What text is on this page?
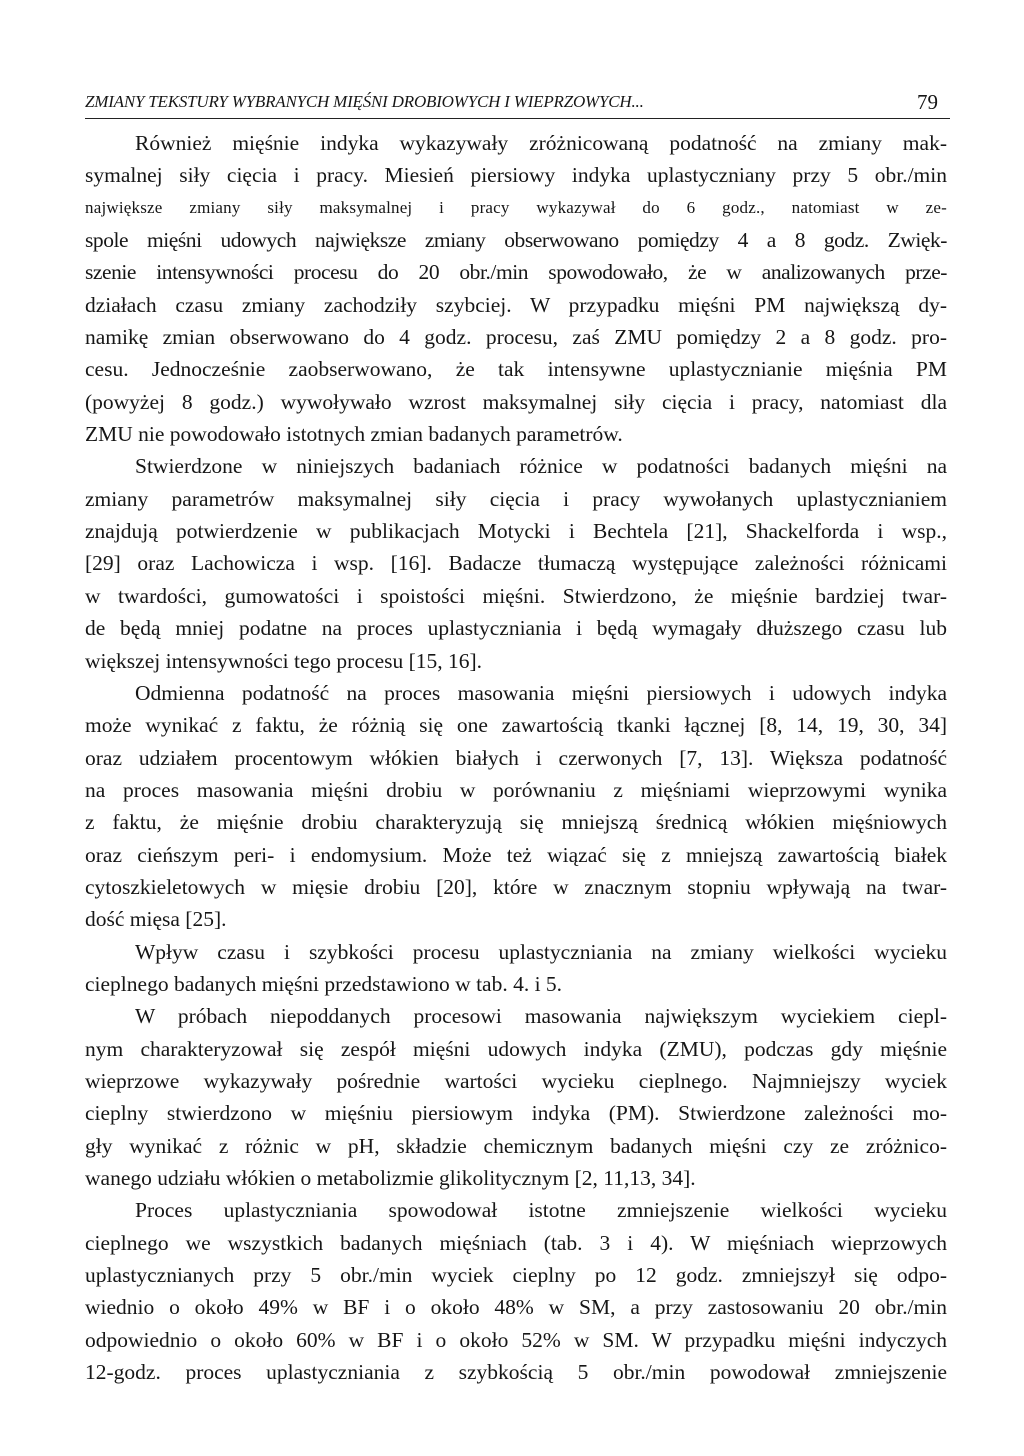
ZMIANY TEKSTURY WYBRANYCH MIĘŚNI DROBIOWYCH I WIEPRZOWYCH...	79
Również mięśnie indyka wykazywały zróżnicowaną podatność na zmiany mak-
symalnej siły cięcia i pracy. Miesień piersiowy indyka uplastyczniany przy 5 obr./min
największe zmiany siły maksymalnej i pracy wykazywał do 6 godz., natomiast w ze-
spole mięśni udowych największe zmiany obserwowano pomiędzy 4 a 8 godz. Zwięk-
szenie intensywności procesu do 20 obr./min spowodowało, że w analizowanych prze-
działach czasu zmiany zachodziły szybciej. W przypadku mięśni PM największą dy-
namikę zmian obserwowano do 4 godz. procesu, zaś ZMU pomiędzy 2 a 8 godz. pro-
cesu. Jednocześnie zaobserwowano, że tak intensywne uplastycznianie mięśnia PM
(powyżej 8 godz.) wywoływało wzrost maksymalnej siły cięcia i pracy, natomiast dla
ZMU nie powodowało istotnych zmian badanych parametrów.
Stwierdzone w niniejszych badaniach różnice w podatności badanych mięśni na
zmiany parametrów maksymalnej siły cięcia i pracy wywołanych uplastycznianiem
znajdują potwierdzenie w publikacjach Motycki i Bechtela [21], Shackelforda i wsp.,
[29] oraz Lachowicza i wsp. [16]. Badacze tłumaczą występujące zależności różnicami
w twardości, gumowatości i spoistości mięśni. Stwierdzono, że mięśnie bardziej twar-
de będą mniej podatne na proces uplastyczniania i będą wymagały dłuższego czasu lub
większej intensywności tego procesu [15, 16].
Odmienna podatność na proces masowania mięśni piersiowych i udowych indyka
może wynikać z faktu, że różnią się one zawartością tkanki łącznej [8, 14, 19, 30, 34]
oraz udziałem procentowym włókien białych i czerwonych [7, 13]. Większa podatność
na proces masowania mięśni drobiu w porównaniu z mięśniami wieprzowymi wynika
z faktu, że mięśnie drobiu charakteryzują się mniejszą średnicą włókien mięśniowych
oraz cieńszym peri- i endomysium. Może też wiązać się z mniejszą zawartością białek
cytoszkieletowych w mięsie drobiu [20], które w znacznym stopniu wpływają na twar-
dość mięsa [25].
Wpływ czasu i szybkości procesu uplastyczniania na zmiany wielkości wycieku
cieplnego badanych mięśni przedstawiono w tab. 4. i 5.
W próbach niepoddanych procesowi masowania największym wyciekiem ciepl-
nym charakteryzował się zespół mięśni udowych indyka (ZMU), podczas gdy mięśnie
wieprzowe wykazywały pośrednie wartości wycieku cieplnego. Najmniejszy wyciek
cieplny stwierdzono w mięśniu piersiowym indyka (PM). Stwierdzone zależności mo-
gły wynikać z różnic w pH, składzie chemicznym badanych mięśni czy ze zróżnico-
wanego udziału włókien o metabolizmie glikolitycznym [2, 11,13, 34].
Proces uplastyczniania spowodował istotne zmniejszenie wielkości wycieku
cieplnego we wszystkich badanych mięśniach (tab. 3 i 4). W mięśniach wieprzowych
uplastycznianych przy 5 obr./min wyciek cieplny po 12 godz. zmniejszył się odpo-
wiednio o około 49% w BF i o około 48% w SM, a przy zastosowaniu 20 obr./min
odpowiednio o około 60% w BF i o około 52% w SM. W przypadku mięśni indyczych
12-godz. proces uplastyczniania z szybkością 5 obr./min powodował zmniejszenie
